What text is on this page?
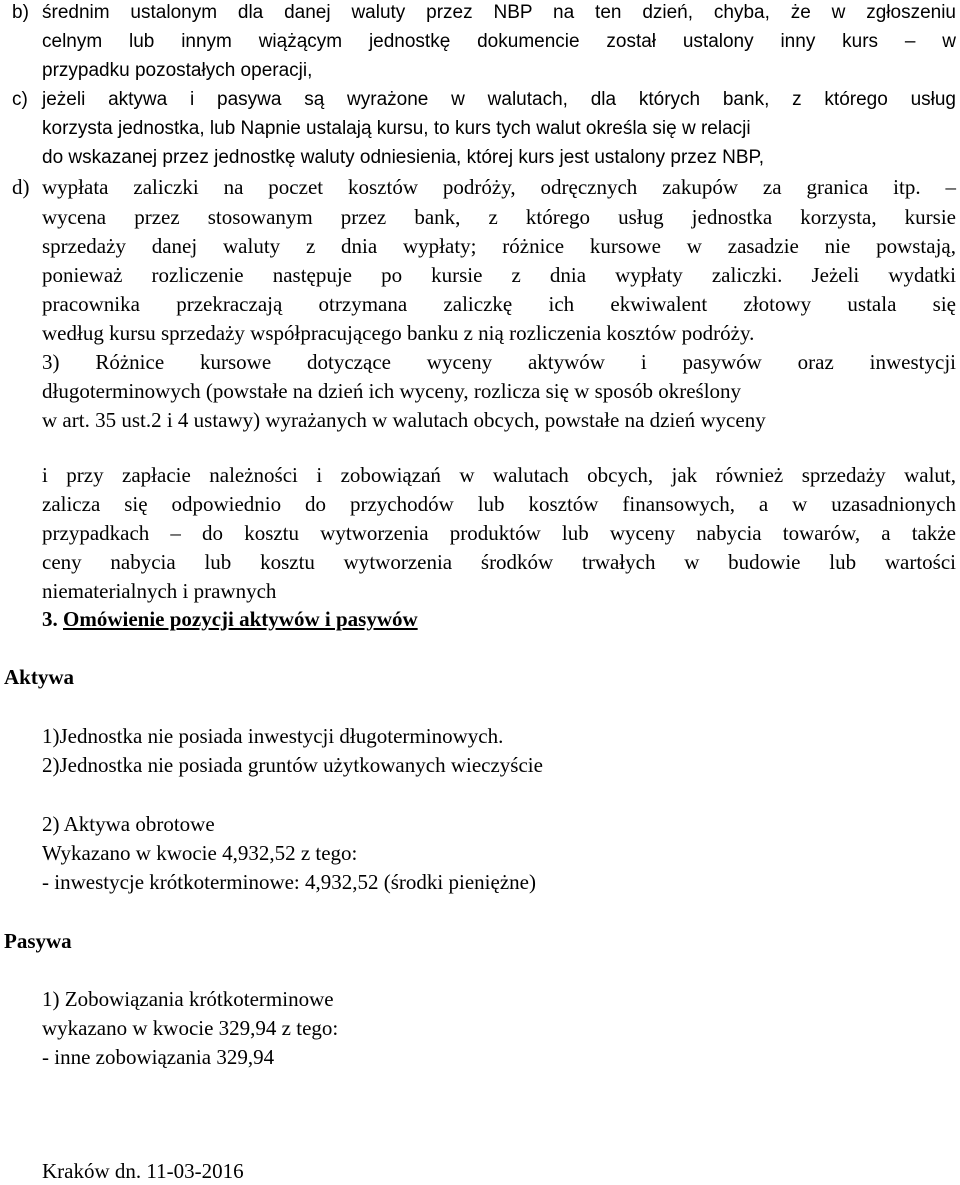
b) średnim ustalonym dla danej waluty przez NBP na ten dzień, chyba, że w zgłoszeniu

celnym lub innym wiążącym jednostkę dokumencie został ustalony inny kurs – w

przypadku pozostałych operacji,

c) jeżeli aktywa i pasywa są wyrażone w walutach, dla których bank, z którego usług

korzysta jednostka, lub Napnie ustalają kursu, to kurs tych walut określa się w relacji

do wskazanej przez jednostkę waluty odniesienia, której kurs jest ustalony przez NBP,

d) wypłata zaliczki na poczet kosztów podróży, odręcznych zakupów za granica itp. –

wycena przez stosowanym przez bank, z którego usług jednostka korzysta, kursie

sprzedaży danej waluty z dnia wypłaty; różnice kursowe w zasadzie nie powstają,

ponieważ rozliczenie następuje po kursie z dnia wypłaty zaliczki. Jeżeli wydatki

pracownika przekraczają otrzymana zaliczkę ich ekwiwalent złotowy ustala się

według kursu sprzedaży współpracującego banku z nią rozliczenia kosztów podróży.

3) Różnice kursowe dotyczące wyceny aktywów i pasywów oraz inwestycji

długoterminowych (powstałe na dzień ich wyceny, rozlicza się w sposób określony

w art. 35 ust.2 i 4 ustawy) wyrażanych w walutach obcych, powstałe na dzień wyceny

i przy zapłacie należności i zobowiązań w walutach obcych, jak również sprzedaży walut,

zalicza się odpowiednio do przychodów lub kosztów finansowych, a w uzasadnionych

przypadkach – do kosztu wytworzenia produktów lub wyceny nabycia towarów, a także

ceny nabycia lub kosztu wytworzenia środków trwałych w budowie lub wartości

niematerialnych i prawnych

3. Omówienie pozycji aktywów i pasywów

Aktywa

1)Jednostka nie posiada inwestycji długoterminowych.

2)Jednostka nie posiada gruntów użytkowanych wieczyście

2) Aktywa obrotowe

Wykazano w kwocie 4,932,52 z tego:

- inwestycje krótkoterminowe: 4,932,52 (środki pieniężne)

Pasywa

1) Zobowiązania krótkoterminowe

wykazano w kwocie 329,94 z tego:

- inne zobowiązania 329,94

Kraków dn. 11-03-2016
